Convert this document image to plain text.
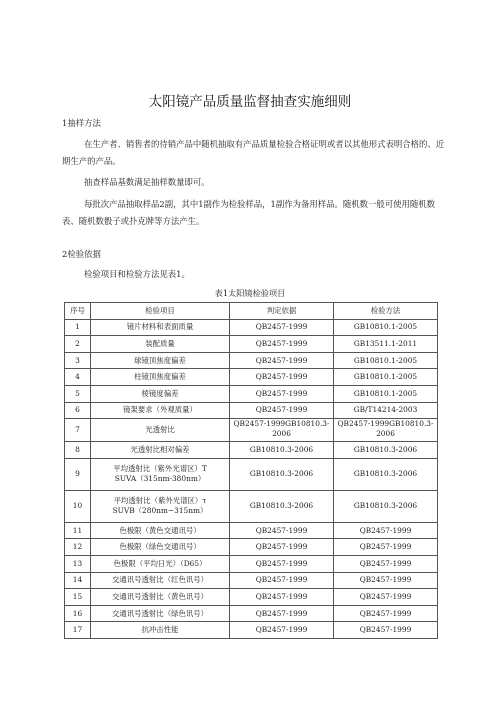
太阳镜产品质量监督抽查实施细则
1抽样方法
在生产者、销售者的待销产品中随机抽取有产品质量检验合格证明或者以其他形式表明合格的、近
期生产的产品。
抽查样品基数满足抽样数量即可。
每批次产品抽取样品2副，其中1副作为检验样品，1副作为备用样品。随机数一般可使用随机数
表、随机数骰子或扑克牌等方法产生。
2检验依据
检验项目和检验方法见表1。
表1太阳镜检验项目
序号	检验项目	判定依据	检验方法
1	镜片材料和表面质量	QB2457-1999	GB10810.1-2005
2	装配质量	QB2457-1999	GB13511.1-2011
3	球镜顶焦度偏差	QB2457-1999	GB10810.1-2005
4	柱镜顶焦度偏差	QB2457-1999	GB10810.1-2005
5	棱镜度偏差	QB2457-1999	GB10810.1-2005
6	镜架要求（外观质量）	QB2457-1999	GB/T14214-2003
7	光透射比	QB2457-1999GB10810.3-2006	QB2457-1999GB10810.3-2006
8	光透射比相对偏差	GB10810.3-2006	GB10810.3-2006
9	平均透射比（紫外光谱区）T
SUVA（315nm-380nm）	GB10810.3-2006	GB10810.3-2006
10	平均透射比（紫外光谱区）τ
SUVB（280nm~315nm）	GB10810.3-2006	GB10810.3-2006
11	色极限（黄色交通讯号）	QB2457-1999	QB2457-1999
12	色极限（绿色交通讯号）	QB2457-1999	QB2457-1999
13	色极限（平均日光）（D65）	QB2457-1999	QB2457-1999
14	交通讯号透射比（红色讯号）	QB2457-1999	QB2457-1999
15	交通讯号透射比（黄色讯号）	QB2457-1999	QB2457-1999
16	交通讯号透射比（绿色讯号）	QB2457-1999	QB2457-1999
17	抗冲击性能	QB2457-1999	QB2457-1999
